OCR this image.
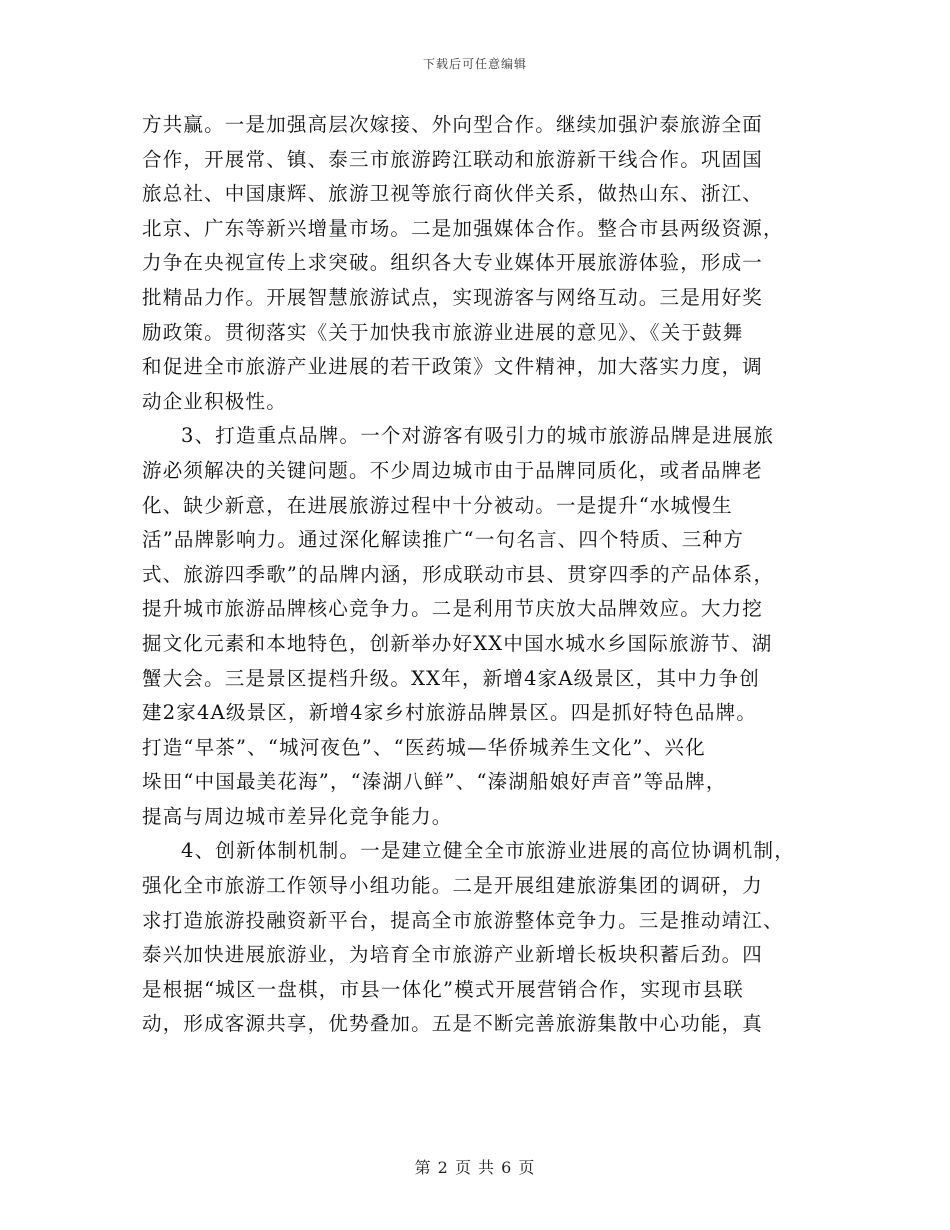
下载后可任意编辑
方共赢。一是加强高层次嫁接、外向型合作。继续加强沪泰旅游全面
合作，开展常、镇、泰三市旅游跨江联动和旅游新干线合作。巩固国
旅总社、中国康辉、旅游卫视等旅行商伙伴关系，做热山东、浙江、
北京、广东等新兴增量市场。二是加强媒体合作。整合市县两级资源，
力争在央视宣传上求突破。组织各大专业媒体开展旅游体验，形成一
批精品力作。开展智慧旅游试点，实现游客与网络互动。三是用好奖
励政策。贯彻落实《关于加快我市旅游业进展的意见》、《关于鼓舞
和促进全市旅游产业进展的若干政策》文件精神，加大落实力度，调
动企业积极性。
3、打造重点品牌。一个对游客有吸引力的城市旅游品牌是进展旅
游必须解决的关键问题。不少周边城市由于品牌同质化，或者品牌老
化、缺少新意，在进展旅游过程中十分被动。一是提升“水城慢生
活”品牌影响力。通过深化解读推广“一句名言、四个特质、三种方
式、旅游四季歌”的品牌内涵，形成联动市县、贯穿四季的产品体系，
提升城市旅游品牌核心竞争力。二是利用节庆放大品牌效应。大力挖
掘文化元素和本地特色，创新举办好XX中国水城水乡国际旅游节、湖
蟹大会。三是景区提档升级。XX年，新增4家A级景区，其中力争创
建2家4A级景区，新增4家乡村旅游品牌景区。四是抓好特色品牌。
打造“早茶”、“城河夜色”、“医药城—华侨城养生文化”、兴化
垛田“中国最美花海”，“溱湖八鲜”、“溱湖船娘好声音”等品牌，
提高与周边城市差异化竞争能力。
4、创新体制机制。一是建立健全全市旅游业进展的高位协调机制，
强化全市旅游工作领导小组功能。二是开展组建旅游集团的调研，力
求打造旅游投融资新平台，提高全市旅游整体竞争力。三是推动靖江、
泰兴加快进展旅游业，为培育全市旅游产业新增长板块积蓄后劲。四
是根据“城区一盘棋，市县一体化”模式开展营销合作，实现市县联
动，形成客源共享，优势叠加。五是不断完善旅游集散中心功能，真
第 2 页 共 6 页
